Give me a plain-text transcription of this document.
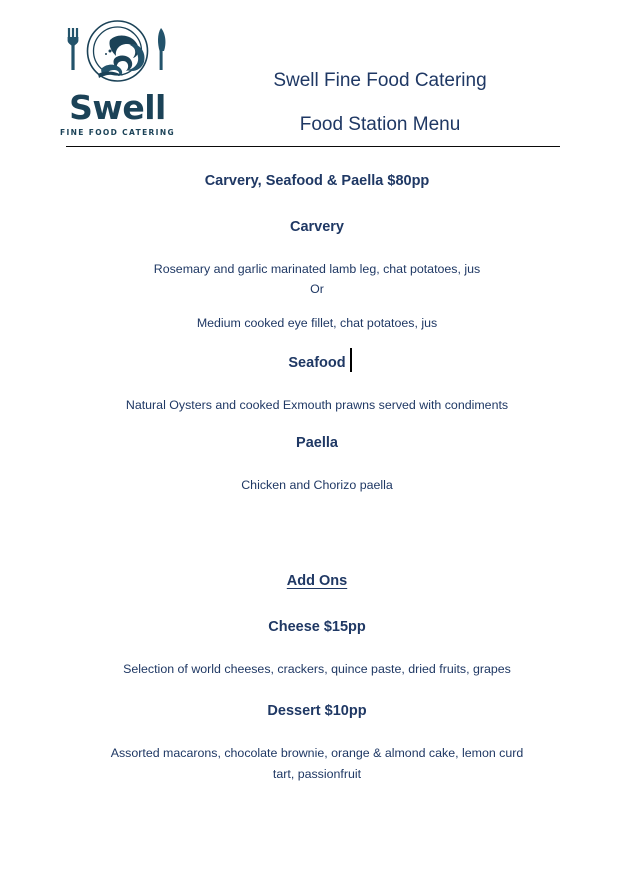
Swell
FINE FOOD CATERING
Swell Fine Food Catering
Food Station Menu

Carvery, Seafood & Paella $80pp

Carvery

Rosemary and garlic marinated lamb leg, chat potatoes, jus

Or

Medium cooked eye fillet, chat potatoes, jus

Seafood

Natural Oysters and cooked Exmouth prawns served with condiments

Paella

Chicken and Chorizo paella

Add Ons

Cheese $15pp

Selection of world cheeses, crackers, quince paste, dried fruits, grapes

Dessert $10pp

Assorted macarons, chocolate brownie, orange & almond cake, lemon curd tart, passionfruit
